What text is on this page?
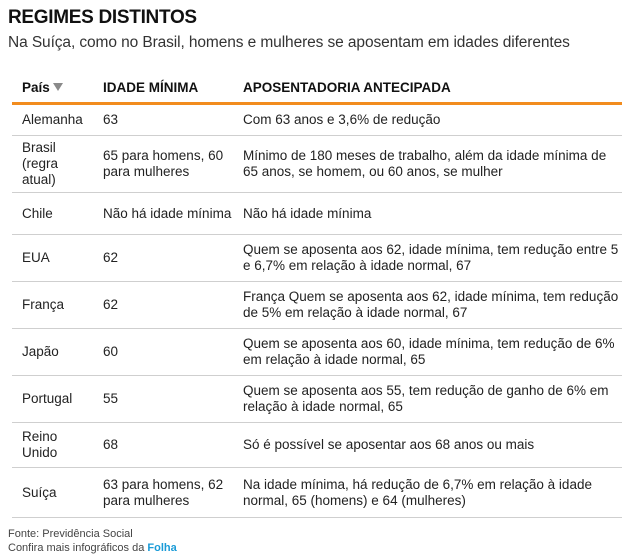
REGIMES DISTINTOS
Na Suíça, como no Brasil, homens e mulheres se aposentam em idades diferentes
País	IDADE MÍNIMA	APOSENTADORIA ANTECIPADA
Alemanha	63	Com 63 anos e 3,6% de redução
Brasil (regra atual)	65 para homens, 60 para mulheres	Mínimo de 180 meses de trabalho, além da idade mínima de 65 anos, se homem, ou 60 anos, se mulher
Chile	Não há idade mínima	Não há idade mínima
EUA	62	Quem se aposenta aos 62, idade mínima, tem redução entre 5 e 6,7% em relação à idade normal, 67
França	62	França Quem se aposenta aos 62, idade mínima, tem redução de 5% em relação à idade normal, 67
Japão	60	Quem se aposenta aos 60, idade mínima, tem redução de 6% em relação à idade normal, 65
Portugal	55	Quem se aposenta aos 55, tem redução de ganho de 6% em relação à idade normal, 65
Reino Unido	68	Só é possível se aposentar aos 68 anos ou mais
Suíça	63 para homens, 62 para mulheres	Na idade mínima, há redução de 6,7% em relação à idade normal, 65 (homens) e 64 (mulheres)
Fonte: Previdência Social
Confira mais infográficos da Folha
